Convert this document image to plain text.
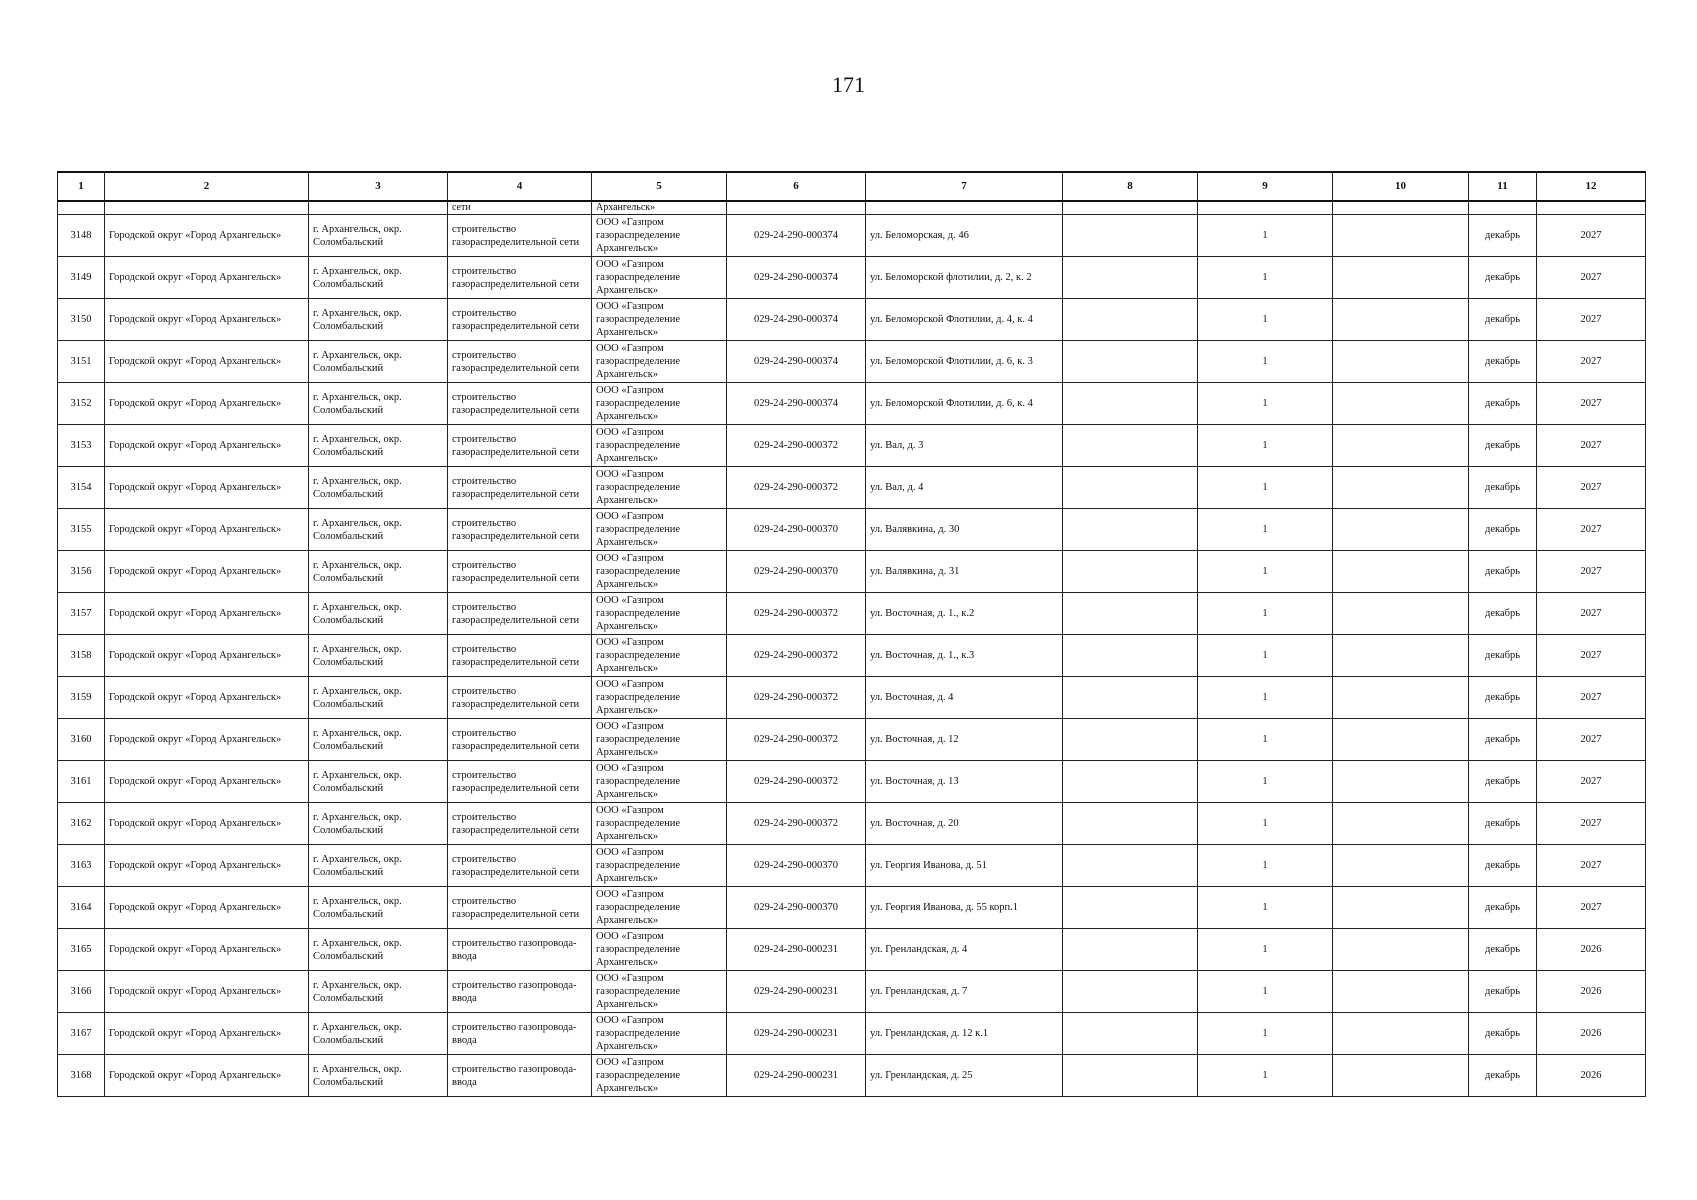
171
1	2	3	4	5	6	7	8	9	10	11	12
			сети	Архангельск»							
3148	Городской округ «Город Архангельск»	г. Архангельск, окр. Соломбальский	строительство газораспределительной сети	ООО «Газпром газораспределение Архангельск»	029-24-290-000374	ул. Беломорская, д. 46		1		декабрь	2027
3149	Городской округ «Город Архангельск»	г. Архангельск, окр. Соломбальский	строительство газораспределительной сети	ООО «Газпром газораспределение Архангельск»	029-24-290-000374	ул. Беломорской флотилии, д. 2, к. 2		1		декабрь	2027
3150	Городской округ «Город Архангельск»	г. Архангельск, окр. Соломбальский	строительство газораспределительной сети	ООО «Газпром газораспределение Архангельск»	029-24-290-000374	ул. Беломорской Флотилии, д. 4, к. 4		1		декабрь	2027
3151	Городской округ «Город Архангельск»	г. Архангельск, окр. Соломбальский	строительство газораспределительной сети	ООО «Газпром газораспределение Архангельск»	029-24-290-000374	ул. Беломорской Флотилии, д. 6, к. 3		1		декабрь	2027
3152	Городской округ «Город Архангельск»	г. Архангельск, окр. Соломбальский	строительство газораспределительной сети	ООО «Газпром газораспределение Архангельск»	029-24-290-000374	ул. Беломорской Флотилии, д. 6, к. 4		1		декабрь	2027
3153	Городской округ «Город Архангельск»	г. Архангельск, окр. Соломбальский	строительство газораспределительной сети	ООО «Газпром газораспределение Архангельск»	029-24-290-000372	ул. Вал, д. 3		1		декабрь	2027
3154	Городской округ «Город Архангельск»	г. Архангельск, окр. Соломбальский	строительство газораспределительной сети	ООО «Газпром газораспределение Архангельск»	029-24-290-000372	ул. Вал, д. 4		1		декабрь	2027
3155	Городской округ «Город Архангельск»	г. Архангельск, окр. Соломбальский	строительство газораспределительной сети	ООО «Газпром газораспределение Архангельск»	029-24-290-000370	ул. Валявкина, д. 30		1		декабрь	2027
3156	Городской округ «Город Архангельск»	г. Архангельск, окр. Соломбальский	строительство газораспределительной сети	ООО «Газпром газораспределение Архангельск»	029-24-290-000370	ул. Валявкина, д. 31		1		декабрь	2027
3157	Городской округ «Город Архангельск»	г. Архангельск, окр. Соломбальский	строительство газораспределительной сети	ООО «Газпром газораспределение Архангельск»	029-24-290-000372	ул. Восточная, д. 1., к.2		1		декабрь	2027
3158	Городской округ «Город Архангельск»	г. Архангельск, окр. Соломбальский	строительство газораспределительной сети	ООО «Газпром газораспределение Архангельск»	029-24-290-000372	ул. Восточная, д. 1., к.3		1		декабрь	2027
3159	Городской округ «Город Архангельск»	г. Архангельск, окр. Соломбальский	строительство газораспределительной сети	ООО «Газпром газораспределение Архангельск»	029-24-290-000372	ул. Восточная, д. 4		1		декабрь	2027
3160	Городской округ «Город Архангельск»	г. Архангельск, окр. Соломбальский	строительство газораспределительной сети	ООО «Газпром газораспределение Архангельск»	029-24-290-000372	ул. Восточная, д. 12		1		декабрь	2027
3161	Городской округ «Город Архангельск»	г. Архангельск, окр. Соломбальский	строительство газораспределительной сети	ООО «Газпром газораспределение Архангельск»	029-24-290-000372	ул. Восточная, д. 13		1		декабрь	2027
3162	Городской округ «Город Архангельск»	г. Архангельск, окр. Соломбальский	строительство газораспределительной сети	ООО «Газпром газораспределение Архангельск»	029-24-290-000372	ул. Восточная, д. 20		1		декабрь	2027
3163	Городской округ «Город Архангельск»	г. Архангельск, окр. Соломбальский	строительство газораспределительной сети	ООО «Газпром газораспределение Архангельск»	029-24-290-000370	ул. Георгия Иванова, д. 51		1		декабрь	2027
3164	Городской округ «Город Архангельск»	г. Архангельск, окр. Соломбальский	строительство газораспределительной сети	ООО «Газпром газораспределение Архангельск»	029-24-290-000370	ул. Георгия Иванова, д. 55 корп.1		1		декабрь	2027
3165	Городской округ «Город Архангельск»	г. Архангельск, окр. Соломбальский	строительство газопровода-ввода	ООО «Газпром газораспределение Архангельск»	029-24-290-000231	ул. Гренландская, д. 4		1		декабрь	2026
3166	Городской округ «Город Архангельск»	г. Архангельск, окр. Соломбальский	строительство газопровода-ввода	ООО «Газпром газораспределение Архангельск»	029-24-290-000231	ул. Гренландская, д. 7		1		декабрь	2026
3167	Городской округ «Город Архангельск»	г. Архангельск, окр. Соломбальский	строительство газопровода-ввода	ООО «Газпром газораспределение Архангельск»	029-24-290-000231	ул. Гренландская, д. 12 к.1		1		декабрь	2026
3168	Городской округ «Город Архангельск»	г. Архангельск, окр. Соломбальский	строительство газопровода-ввода	ООО «Газпром газораспределение Архангельск»	029-24-290-000231	ул. Гренландская, д. 25		1		декабрь	2026
